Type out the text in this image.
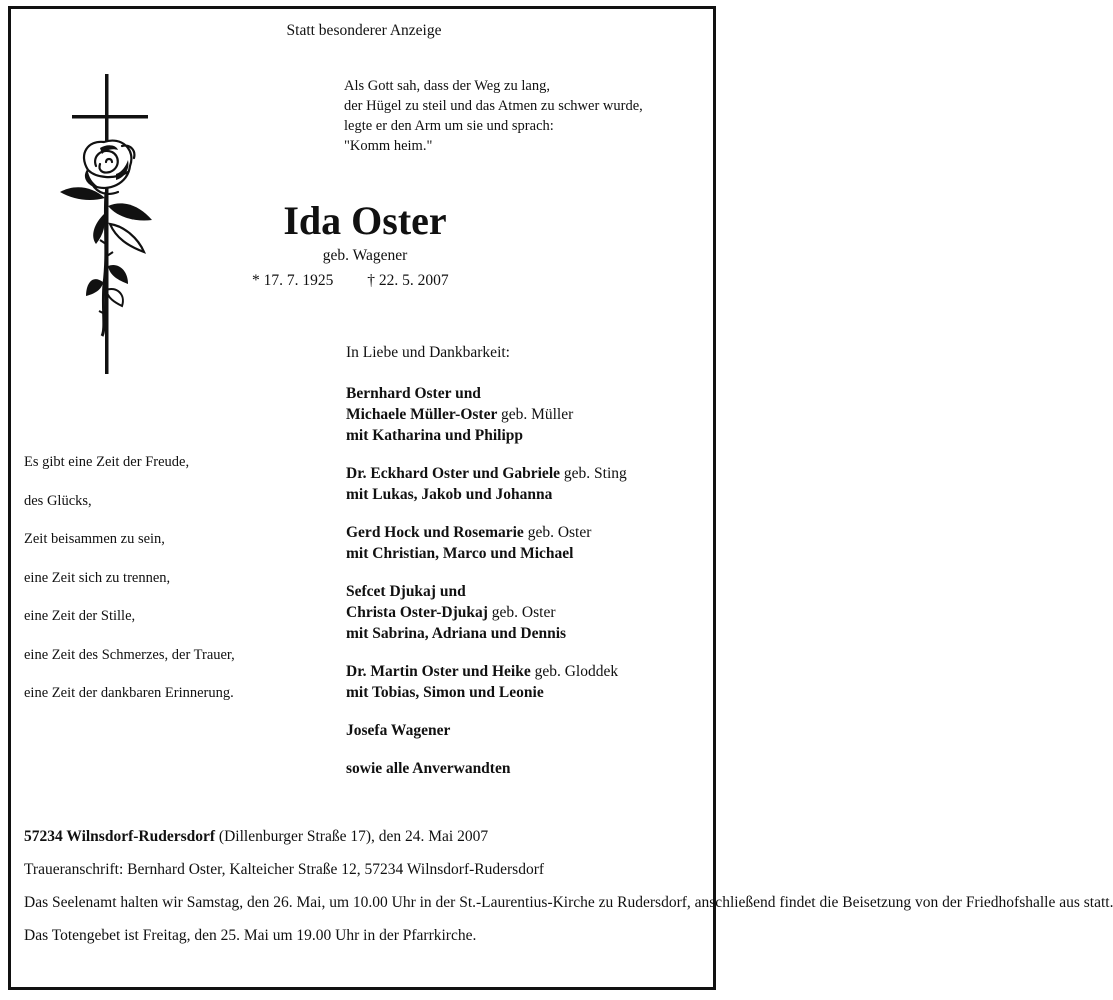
Statt besonderer Anzeige
Als Gott sah, dass der Weg zu lang,
der Hügel zu steil und das Atmen zu schwer wurde,
legte er den Arm um sie und sprach:
"Komm heim."
Ida Oster
geb. Wagener
* 17. 7. 1925 † 22. 5. 2007
Es gibt eine Zeit der Freude,
des Glücks,
Zeit beisammen zu sein,
eine Zeit sich zu trennen,
eine Zeit der Stille,
eine Zeit des Schmerzes, der Trauer,
eine Zeit der dankbaren Erinnerung.
In Liebe und Dankbarkeit:
Bernhard Oster und
Michaele Müller-Oster geb. Müller
mit Katharina und Philipp
Dr. Eckhard Oster und Gabriele geb. Sting
mit Lukas, Jakob und Johanna
Gerd Hock und Rosemarie geb. Oster
mit Christian, Marco und Michael
Sefcet Djukaj und
Christa Oster-Djukaj geb. Oster
mit Sabrina, Adriana und Dennis
Dr. Martin Oster und Heike geb. Gloddek
mit Tobias, Simon und Leonie
Josefa Wagener
sowie alle Anverwandten

57234 Wilnsdorf-Rudersdorf (Dillenburger Straße 17), den 24. Mai 2007

Traueranschrift: Bernhard Oster, Kalteicher Straße 12, 57234 Wilnsdorf-Rudersdorf

Das Seelenamt halten wir Samstag, den 26. Mai, um 10.00 Uhr in der St.-Laurentius-Kirche zu Rudersdorf, anschließend findet die Beisetzung von der Friedhofshalle aus statt.

Das Totengebet ist Freitag, den 25. Mai um 19.00 Uhr in der Pfarrkirche.
